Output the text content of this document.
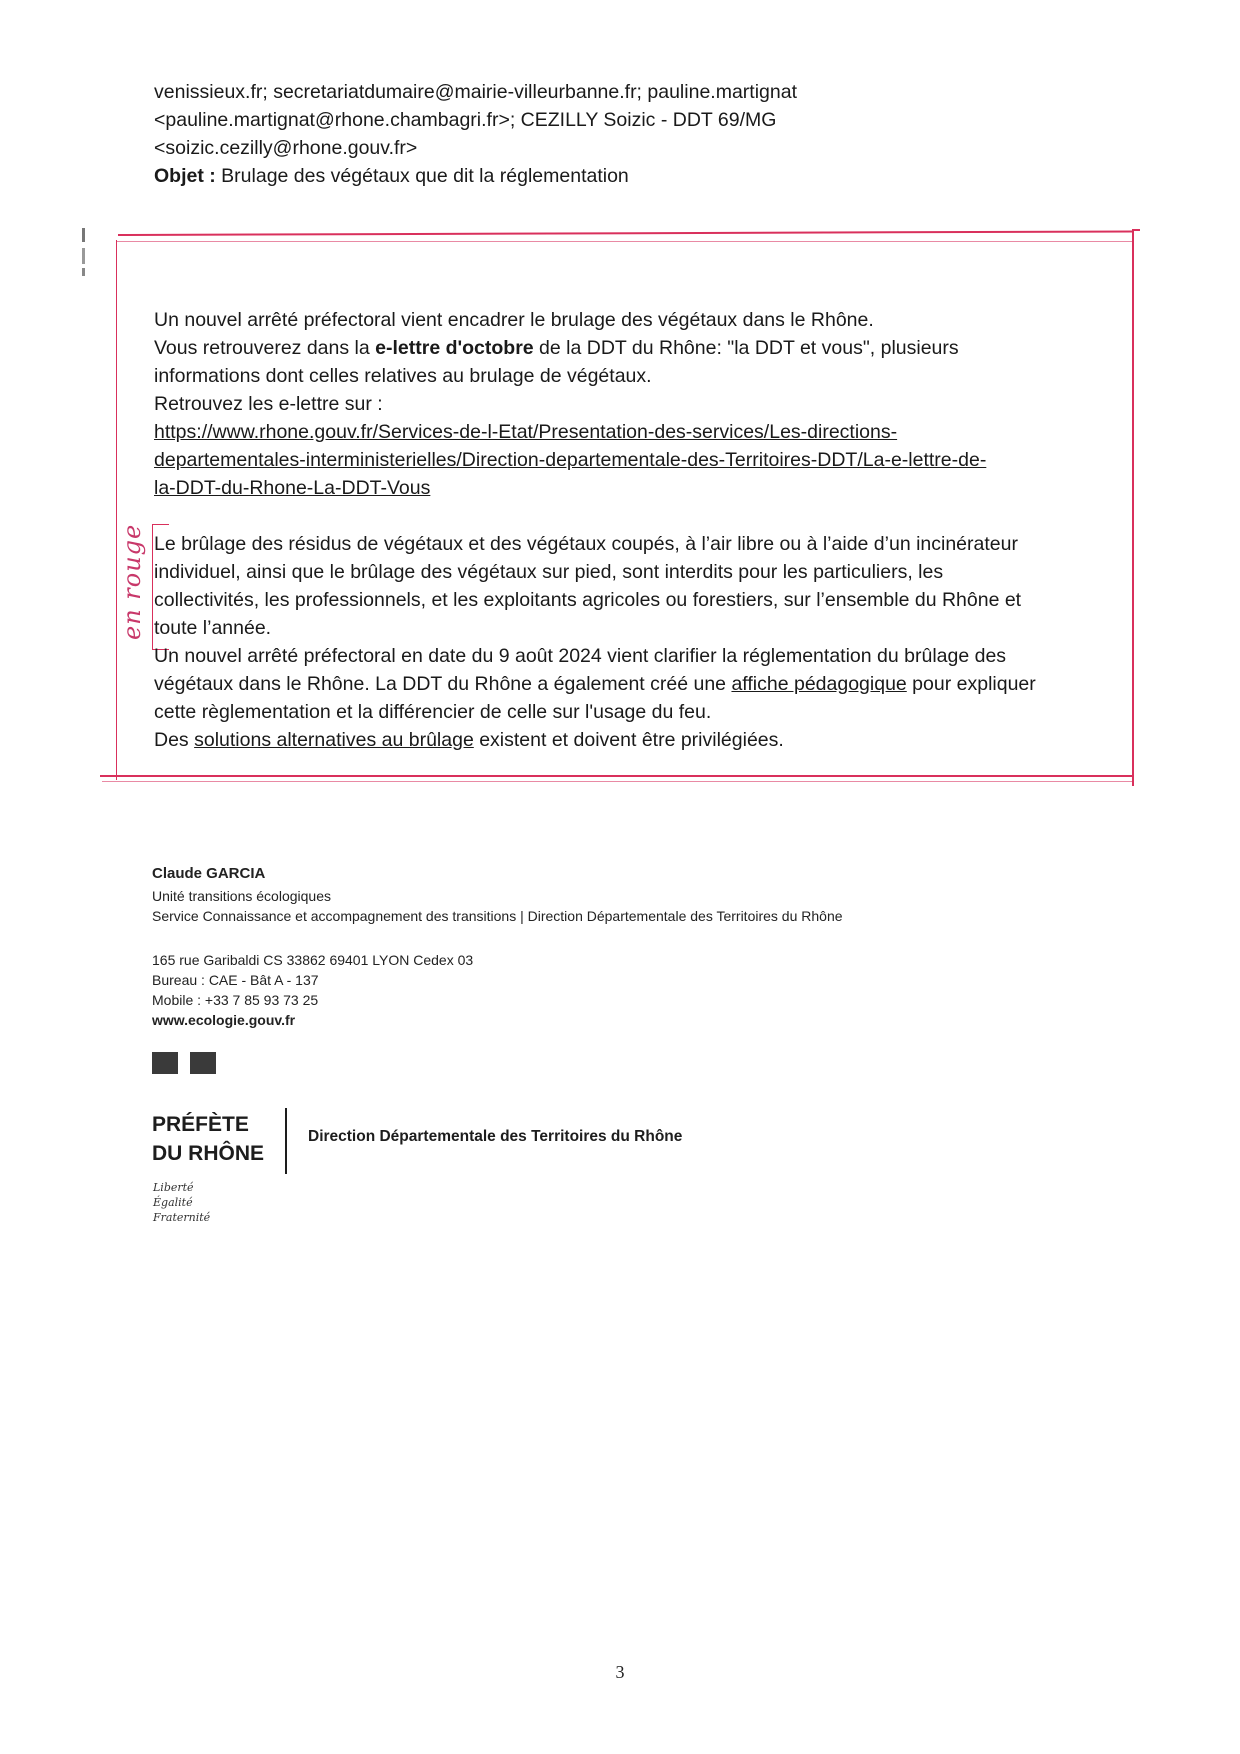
venissieux.fr; secretariatdumaire@mairie-villeurbanne.fr; pauline.martignat
<pauline.martignat@rhone.chambagri.fr>; CEZILLY Soizic - DDT 69/MG
<soizic.cezilly@rhone.gouv.fr>
Objet : Brulage des végétaux que dit la réglementation
Un nouvel arrêté préfectoral vient encadrer le brulage des végétaux dans le Rhône.
Vous retrouverez dans la e-lettre d'octobre de la DDT du Rhône: "la DDT et vous", plusieurs
informations dont celles relatives au brulage de végétaux.
Retrouvez les e-lettre sur :
https://www.rhone.gouv.fr/Services-de-l-Etat/Presentation-des-services/Les-directions-
departementales-interministerielles/Direction-departementale-des-Territoires-DDT/La-e-lettre-de-
la-DDT-du-Rhone-La-DDT-Vous
en rouge Le brûlage des résidus de végétaux et des végétaux coupés, à l’air libre ou à l’aide d’un incinérateur
individuel, ainsi que le brûlage des végétaux sur pied, sont interdits pour les particuliers, les
collectivités, les professionnels, et les exploitants agricoles ou forestiers, sur l’ensemble du Rhône et
toute l’année.
Un nouvel arrêté préfectoral en date du 9 août 2024 vient clarifier la réglementation du brûlage des
végétaux dans le Rhône. La DDT du Rhône a également créé une affiche pédagogique pour expliquer
cette règlementation et la différencier de celle sur l'usage du feu.
Des solutions alternatives au brûlage existent et doivent être privilégiées.
Claude GARCIA
Unité transitions écologiques
Service Connaissance et accompagnement des transitions | Direction Départementale des Territoires du Rhône
165 rue Garibaldi CS 33862 69401 LYON Cedex 03
Bureau : CAE - Bât A - 137
Mobile : +33 7 85 93 73 25
www.ecologie.gouv.fr
PRÉFÈTE
DU RHÔNE
Liberté
Égalité
Fraternité
Direction Départementale des Territoires du Rhône
3
